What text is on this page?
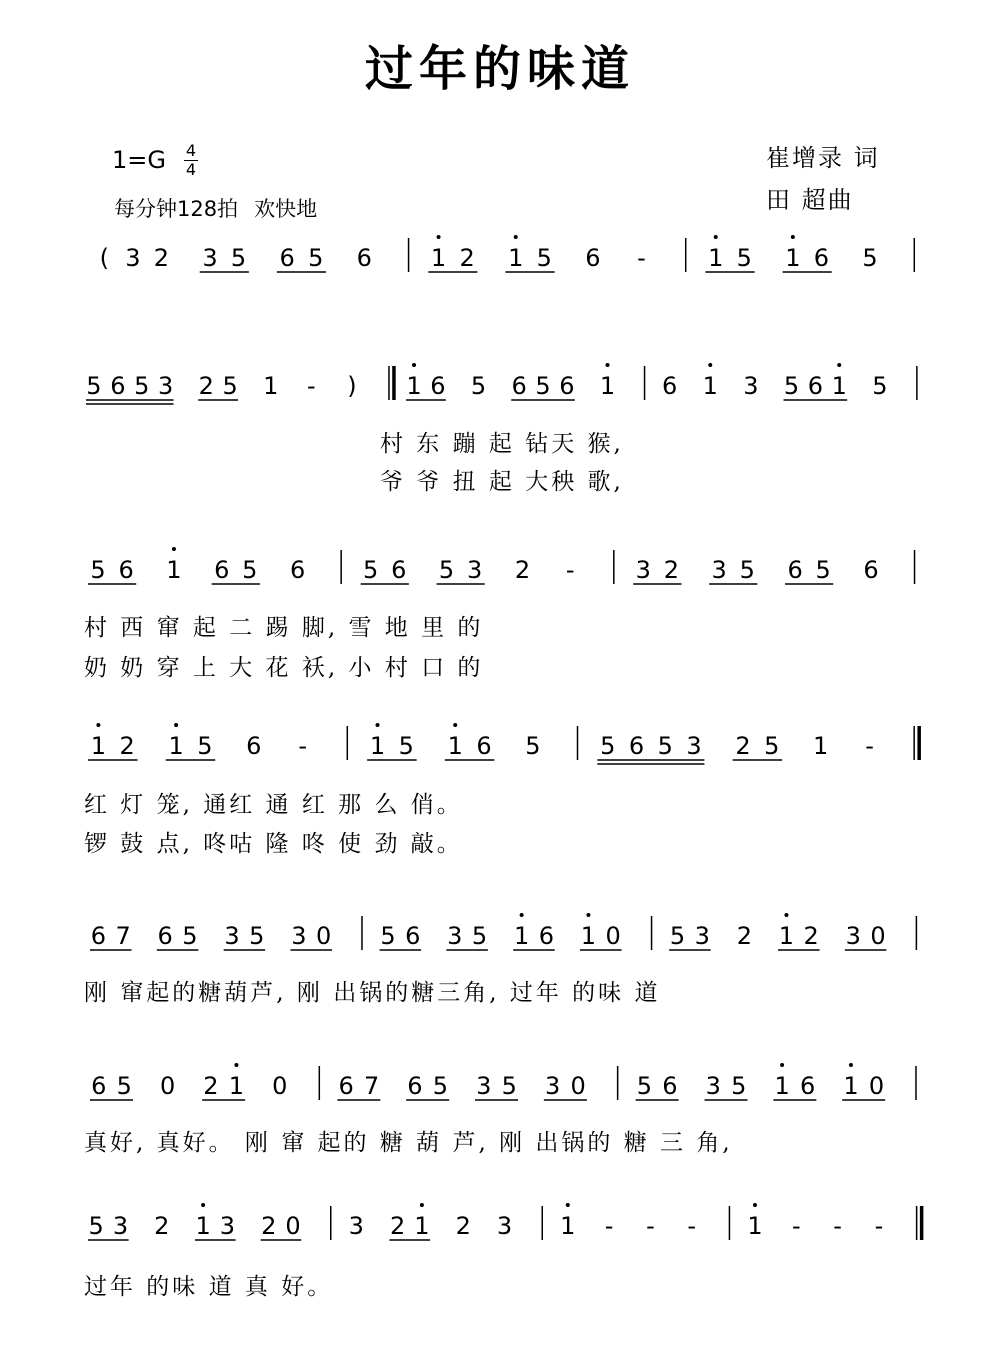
过年的味道
1=G 4
4
每分钟128拍 欢快地
崔增录 词
田 超曲
( 3 2 3 5 6 5 6 1 2 1 5 6 -	1 5 1 6 5
5 6 5 3 2 5 1 - ) 1 6 5 6 5 6 1 6 1 3 5 6 1 5
村 东 蹦 起 钻天 猴,
爷 爷 扭 起 大秧 歌,
5 6 1 6 5 6 5 6 5 3 2 -	3 2 3 5 6 5 6
村 西 窜 起 二 踢 脚, 雪 地 里 的
奶 奶 穿 上 大 花 袄, 小 村 口 的
1 2 1 5 6 -	1 5 1 6 5 5 6 5 3 2 5 1 -
红 灯 笼, 通红 通 红 那 么 俏。
锣 鼓 点, 咚咕 隆 咚 使 劲 敲。
6 7 6 5 3 5 3 0 5 6 3 5 1 6 1 0 5 3 2 1 2 3 0
刚 窜起的糖葫芦, 刚 出锅的糖三角, 过年 的味 道
6 5 0 2 1 0 6 7 6 5 3 5 3 0 5 6 3 5 1 6 1 0
真好, 真好。 刚 窜 起的 糖 葫 芦, 刚 出锅的 糖 三 角,
5 3 2 1 3 2 0 3 2 1 2 3 1 - - - 1 - - -
过年 的味 道 真 好。
